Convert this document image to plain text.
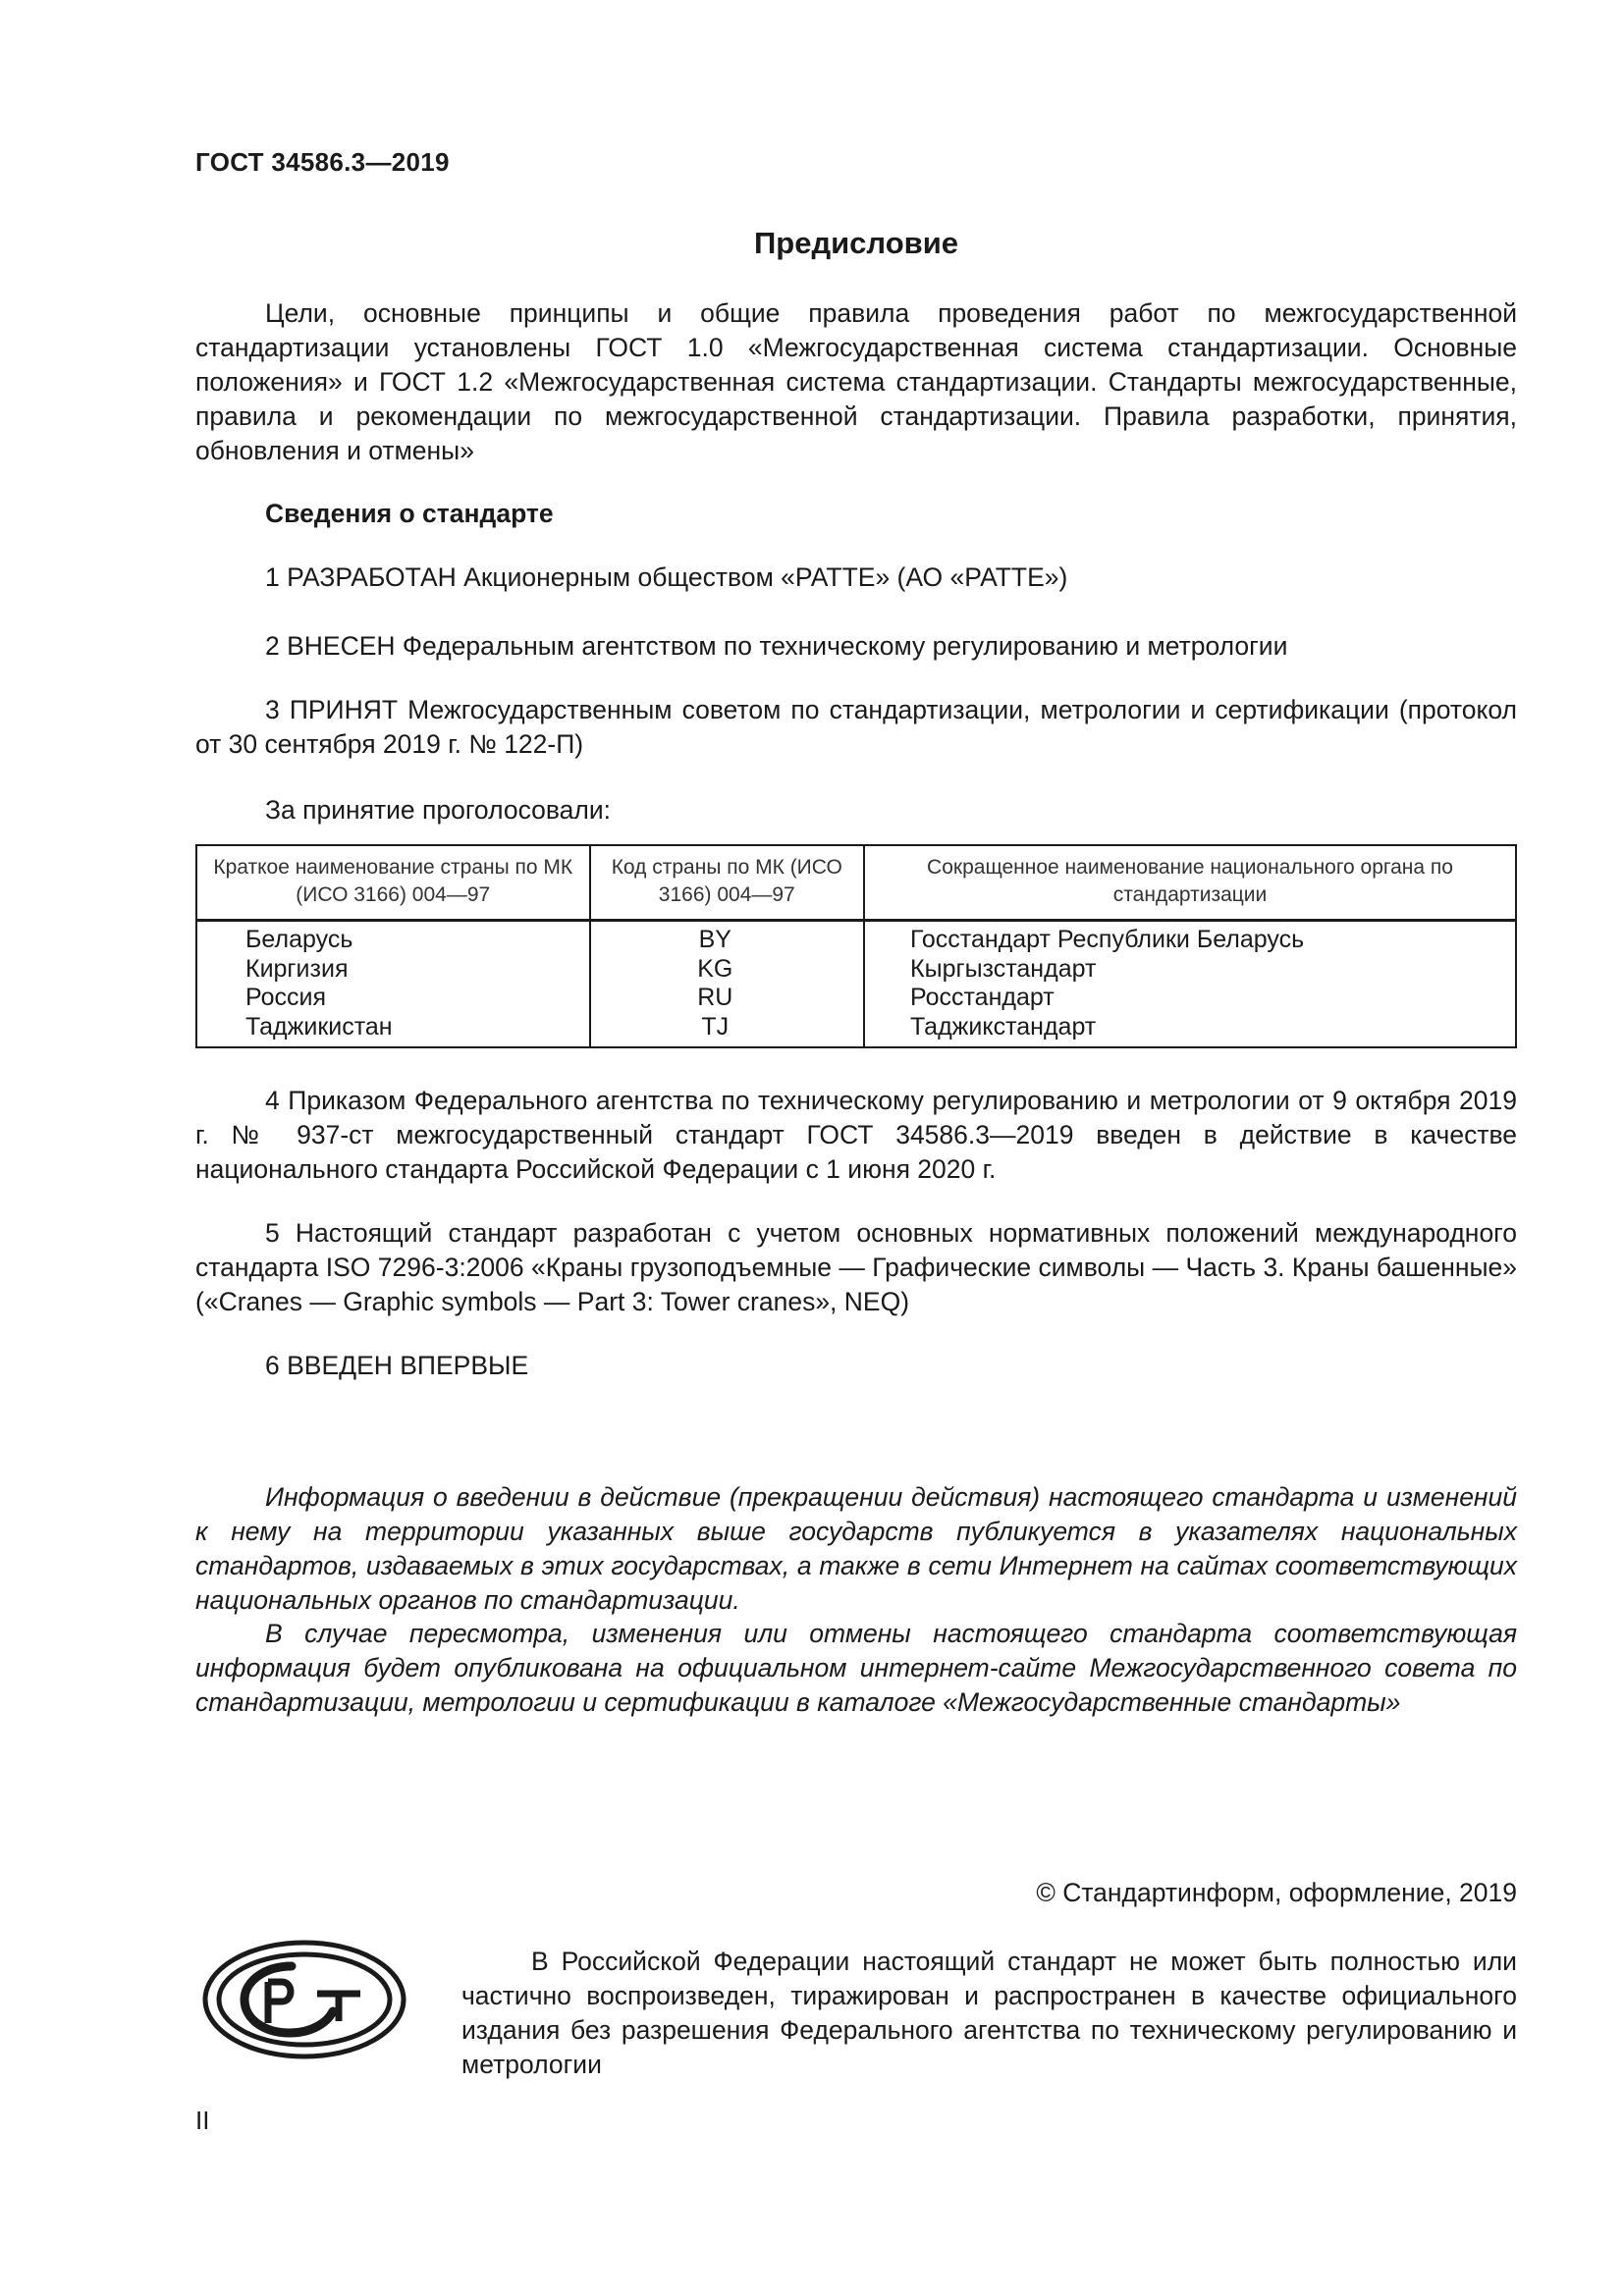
ГОСТ 34586.3—2019
Предисловие
Цели, основные принципы и общие правила проведения работ по межгосударственной стандартизации установлены ГОСТ 1.0 «Межгосударственная система стандартизации. Основные положения» и ГОСТ 1.2 «Межгосударственная система стандартизации. Стандарты межгосударственные, правила и рекомендации по межгосударственной стандартизации. Правила разработки, принятия, обновления и отмены»
Сведения о стандарте
1 РАЗРАБОТАН Акционерным обществом «РАТТЕ» (АО «РАТТЕ»)
2 ВНЕСЕН Федеральным агентством по техническому регулированию и метрологии
3 ПРИНЯТ Межгосударственным советом по стандартизации, метрологии и сертификации (протокол от 30 сентября 2019 г. № 122-П)
За принятие проголосовали:
Краткое наименование страны по МК (ИСО 3166) 004—97	Код страны по МК (ИСО 3166) 004—97	Сокращенное наименование национального органа по стандартизации
Беларусь	BY	Госстандарт Республики Беларусь
Киргизия	KG	Кыргызстандарт
Россия	RU	Росстандарт
Таджикистан	TJ	Таджикстандарт
4 Приказом Федерального агентства по техническому регулированию и метрологии от 9 октября 2019 г. № 937-ст межгосударственный стандарт ГОСТ 34586.3—2019 введен в действие в качестве национального стандарта Российской Федерации с 1 июня 2020 г.
5 Настоящий стандарт разработан с учетом основных нормативных положений международного стандарта ISO 7296-3:2006 «Краны грузоподъемные — Графические символы — Часть 3. Краны башенные» («Cranes — Graphic symbols — Part 3: Tower cranes», NEQ)
6 ВВЕДЕН ВПЕРВЫЕ
Информация о введении в действие (прекращении действия) настоящего стандарта и изменений к нему на территории указанных выше государств публикуется в указателях национальных стандартов, издаваемых в этих государствах, а также в сети Интернет на сайтах соответствующих национальных органов по стандартизации.
В случае пересмотра, изменения или отмены настоящего стандарта соответствующая информация будет опубликована на официальном интернет-сайте Межгосударственного совета по стандартизации, метрологии и сертификации в каталоге «Межгосударственные стандарты»
© Стандартинформ, оформление, 2019
РСТ
В Российской Федерации настоящий стандарт не может быть полностью или частично воспроизведен, тиражирован и распространен в качестве официального издания без разрешения Федерального агентства по техническому регулированию и метрологии
II
